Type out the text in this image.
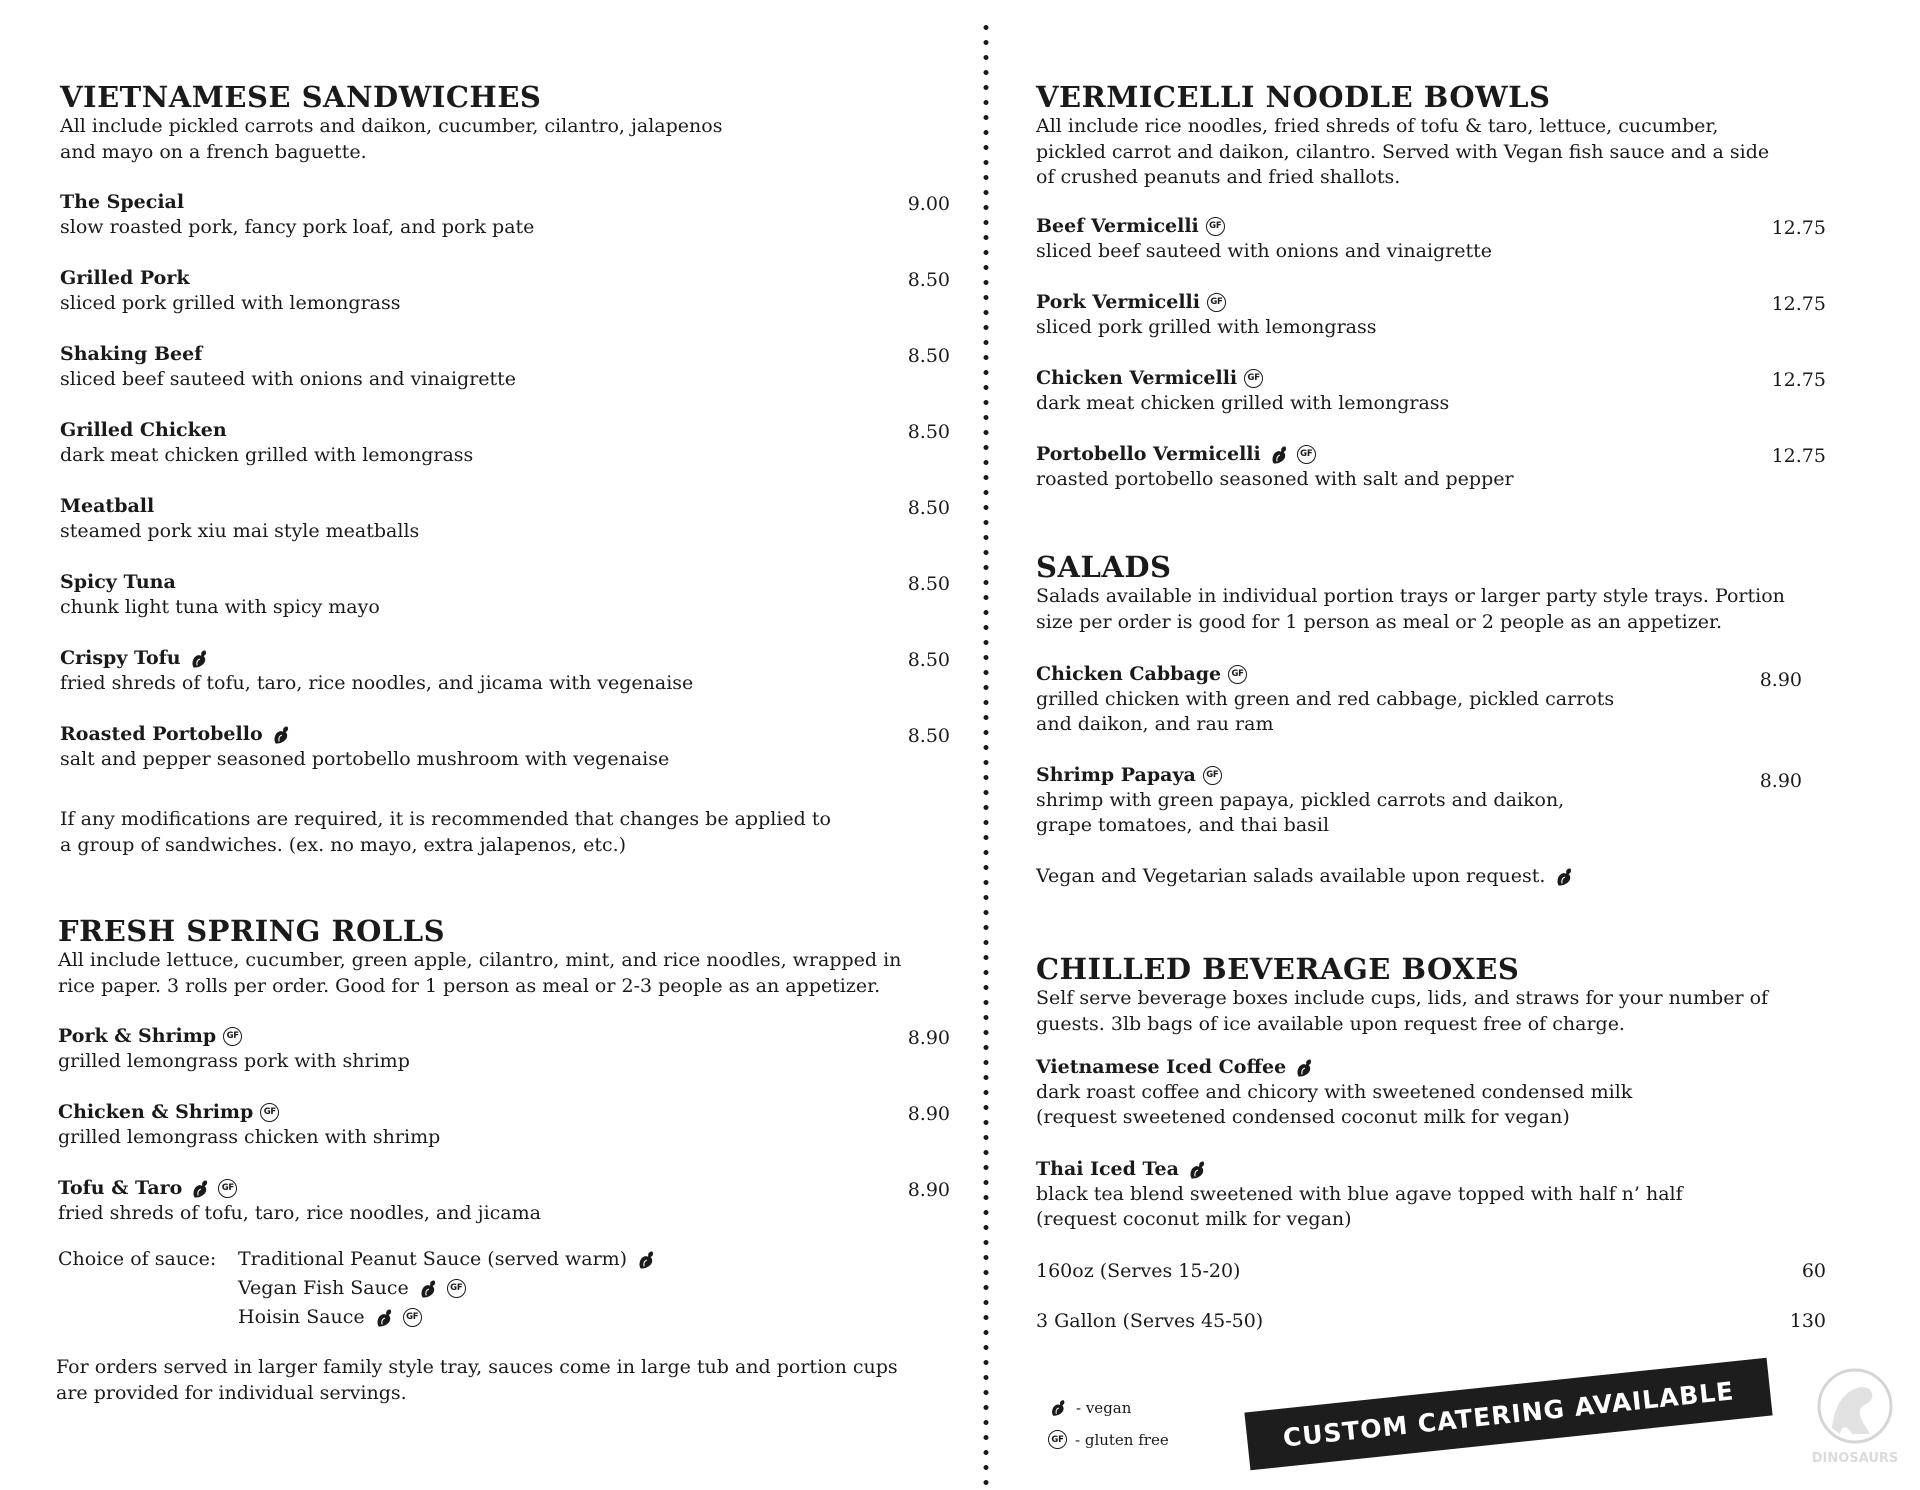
VIETNAMESE SANDWICHES

All include pickled carrots and daikon, cucumber, cilantro, jalapenos
and mayo on a french baguette.

The Special
slow roasted pork, fancy pork loaf, and pork pate
9.00
Grilled Pork
sliced pork grilled with lemongrass
8.50
Shaking Beef
sliced beef sauteed with onions and vinaigrette
8.50
Grilled Chicken
dark meat chicken grilled with lemongrass
8.50
Meatball
steamed pork xiu mai style meatballs
8.50
Spicy Tuna
chunk light tuna with spicy mayo
8.50
Crispy Tofu
fried shreds of tofu, taro, rice noodles, and jicama with vegenaise
8.50
Roasted Portobello
salt and pepper seasoned portobello mushroom with vegenaise
8.50
If any modifications are required, it is recommended that changes be applied to
a group of sandwiches. (ex. no mayo, extra jalapenos, etc.)
FRESH SPRING ROLLS

All include lettuce, cucumber, green apple, cilantro, mint, and rice noodles, wrapped in
rice paper. 3 rolls per order. Good for 1 person as meal or 2-3 people as an appetizer.

Pork & Shrimp	GF
grilled lemongrass pork with shrimp
8.90
Chicken & Shrimp	GF
grilled lemongrass chicken with shrimp
8.90
Tofu & Taro	GF
fried shreds of tofu, taro, rice noodles, and jicama
8.90
Choice of sauce: Traditional Peanut Sauce (served warm)
Vegan Fish Sauce	GF
Hoisin Sauce	GF
For orders served in larger family style tray, sauces come in large tub and portion cups
are provided for individual servings.
VERMICELLI NOODLE BOWLS

All include rice noodles, fried shreds of tofu & taro, lettuce, cucumber,
pickled carrot and daikon, cilantro. Served with Vegan fish sauce and a side
of crushed peanuts and fried shallots.

Beef Vermicelli	GF
sliced beef sauteed with onions and vinaigrette
12.75
Pork Vermicelli	GF
sliced pork grilled with lemongrass
12.75
Chicken Vermicelli	GF
dark meat chicken grilled with lemongrass
12.75
Portobello Vermicelli	GF
roasted portobello seasoned with salt and pepper
12.75
SALADS

Salads available in individual portion trays or larger party style trays. Portion
size per order is good for 1 person as meal or 2 people as an appetizer.

Chicken Cabbage	GF
grilled chicken with green and red cabbage, pickled carrots
and daikon, and rau ram
8.90
Shrimp Papaya	GF
shrimp with green papaya, pickled carrots and daikon,
grape tomatoes, and thai basil
8.90
Vegan and Vegetarian salads available upon request.
CHILLED BEVERAGE BOXES

Self serve beverage boxes include cups, lids, and straws for your number of
guests. 3lb bags of ice available upon request free of charge.

Vietnamese Iced Coffee
dark roast coffee and chicory with sweetened condensed milk
(request sweetened condensed coconut milk for vegan)
Thai Iced Tea
black tea blend sweetened with blue agave topped with half n’ half
(request coconut milk for vegan)
160oz (Serves 15-20)	60
3 Gallon (Serves 45-50)	130
- vegan
GF - gluten free	CUSTOM CATERING AVAILABLE
DINOSAURS
